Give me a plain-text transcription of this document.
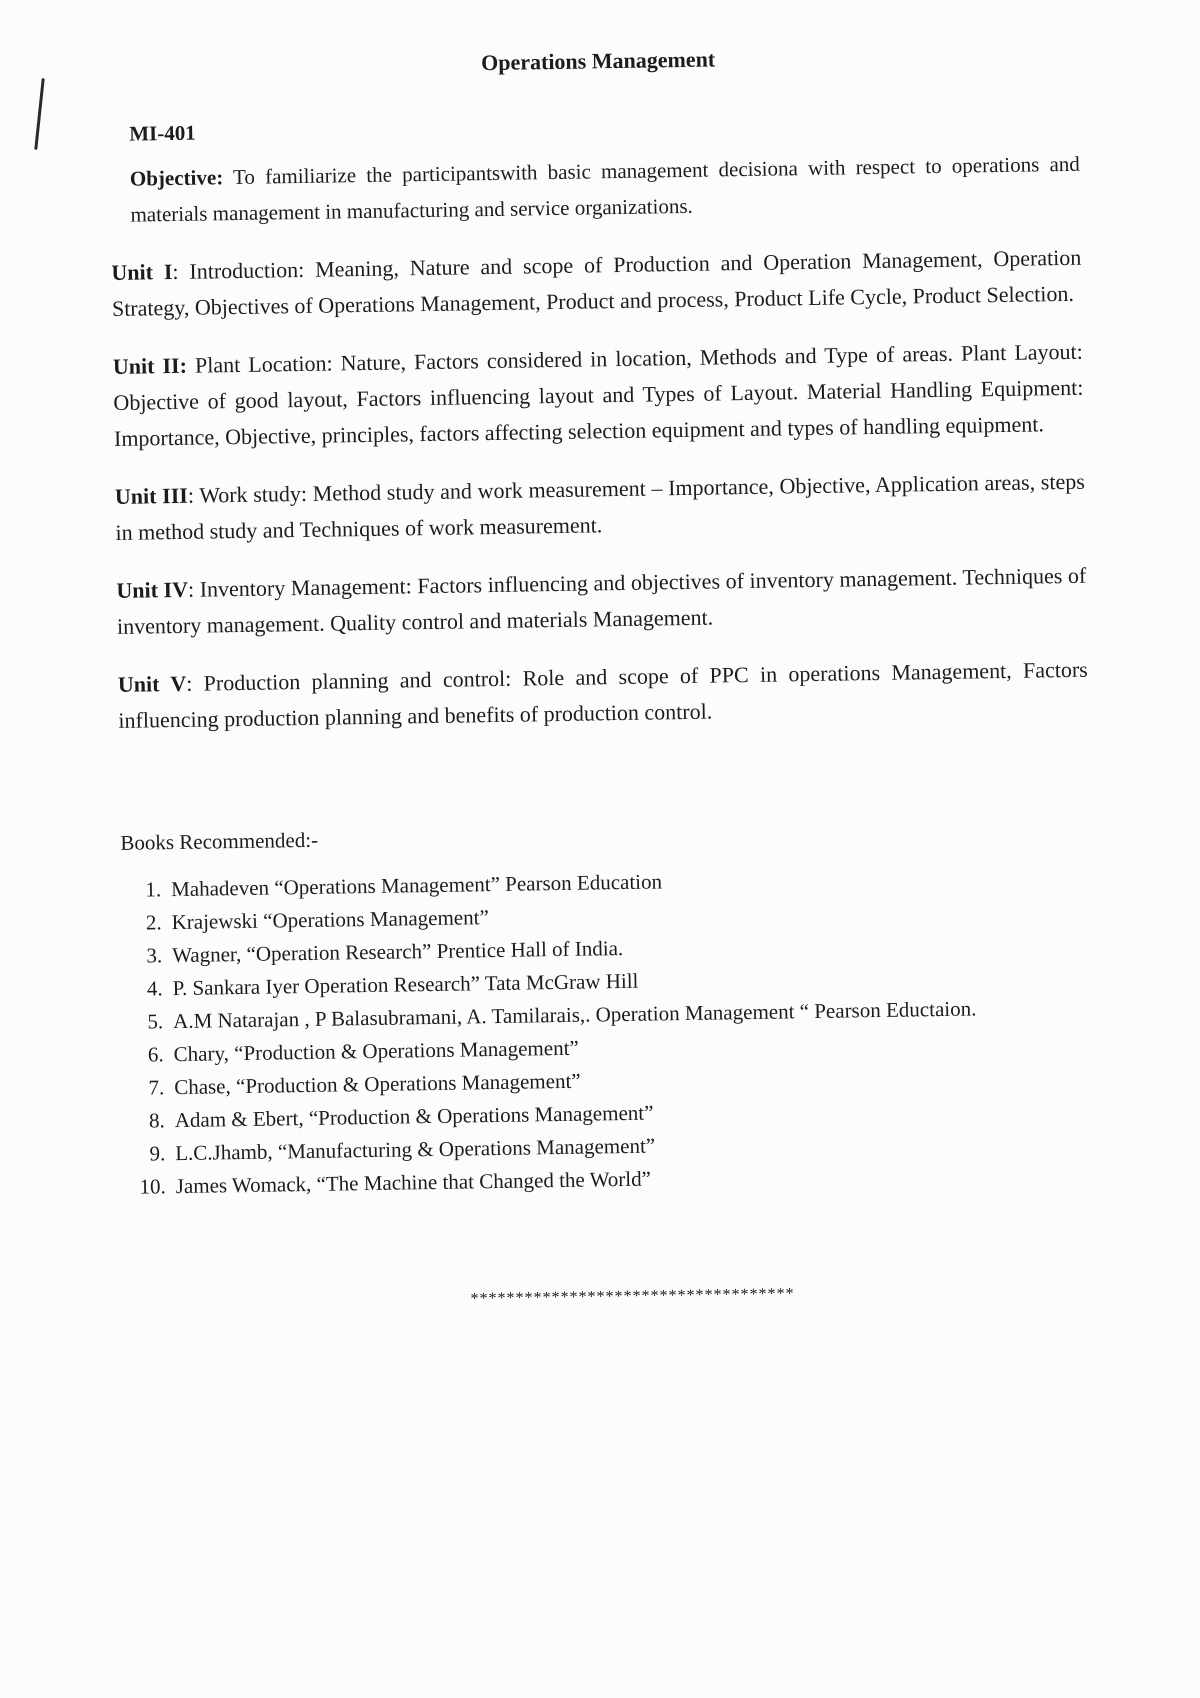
Operations Management
MI-401

Objective: To familiarize the participantswith basic management decisiona with respect to operations and materials management in manufacturing and service organizations.

Unit I: Introduction: Meaning, Nature and scope of Production and Operation Management, Operation Strategy, Objectives of Operations Management, Product and process, Product Life Cycle, Product Selection.

Unit II: Plant Location: Nature, Factors considered in location, Methods and Type of areas. Plant Layout: Objective of good layout, Factors influencing layout and Types of Layout. Material Handling Equipment: Importance, Objective, principles, factors affecting selection equipment and types of handling equipment.

Unit III: Work study: Method study and work measurement – Importance, Objective, Application areas, steps in method study and Techniques of work measurement.

Unit IV: Inventory Management: Factors influencing and objectives of inventory management. Techniques of inventory management. Quality control and materials Management.

Unit V: Production planning and control: Role and scope of PPC in operations Management, Factors influencing production planning and benefits of production control.

Books Recommended:-
1. Mahadeven “Operations Management” Pearson Education
2. Krajewski “Operations Management”
3. Wagner, “Operation Research” Prentice Hall of India.
4. P. Sankara Iyer Operation Research” Tata McGraw Hill
5. A.M Natarajan , P Balasubramani, A. Tamilarais,. Operation Management “ Pearson Eductaion.
6. Chary, “Production & Operations Management”
7. Chase, “Production & Operations Management”
8. Adam & Ebert, “Production & Operations Management”
9. L.C.Jhamb, “Manufacturing & Operations Management”
10. James Womack, “The Machine that Changed the World”
************************************
